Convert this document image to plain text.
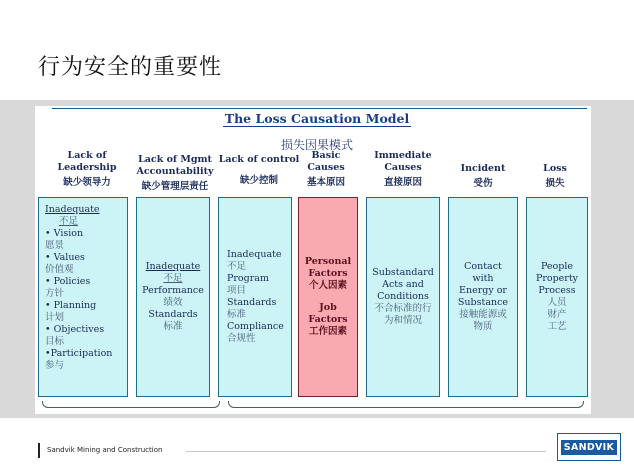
行为安全的重要性
The Loss Causation Model
损失因果模式
Lack of Leadership
缺少领导力
Lack of Mgmt Accountability
缺少管理层责任
Lack of control
缺少控制
Basic Causes
基本原因
Immediate Causes
直接原因
Incident
受伤
Loss
损失
Inadequate
不足
• Vision
愿景
• Values
价值观
• Policies
方针
• Planning
计划
• Objectives
目标
•Participation
参与
Inadequate
不足
Performance
绩效
Standards
标准
Inadequate
不足
Program
项目
Standards
标准
Compliance
合规性
Personal Factors
个人因素
Job Factors
工作因素
Substandard Acts and Conditions
不合标准的行为和情况
Contact with Energy or Substance
接触能源或物质
People Property Process
人员 财产 工艺
Sandvik Mining and Construction	SANDVIK
